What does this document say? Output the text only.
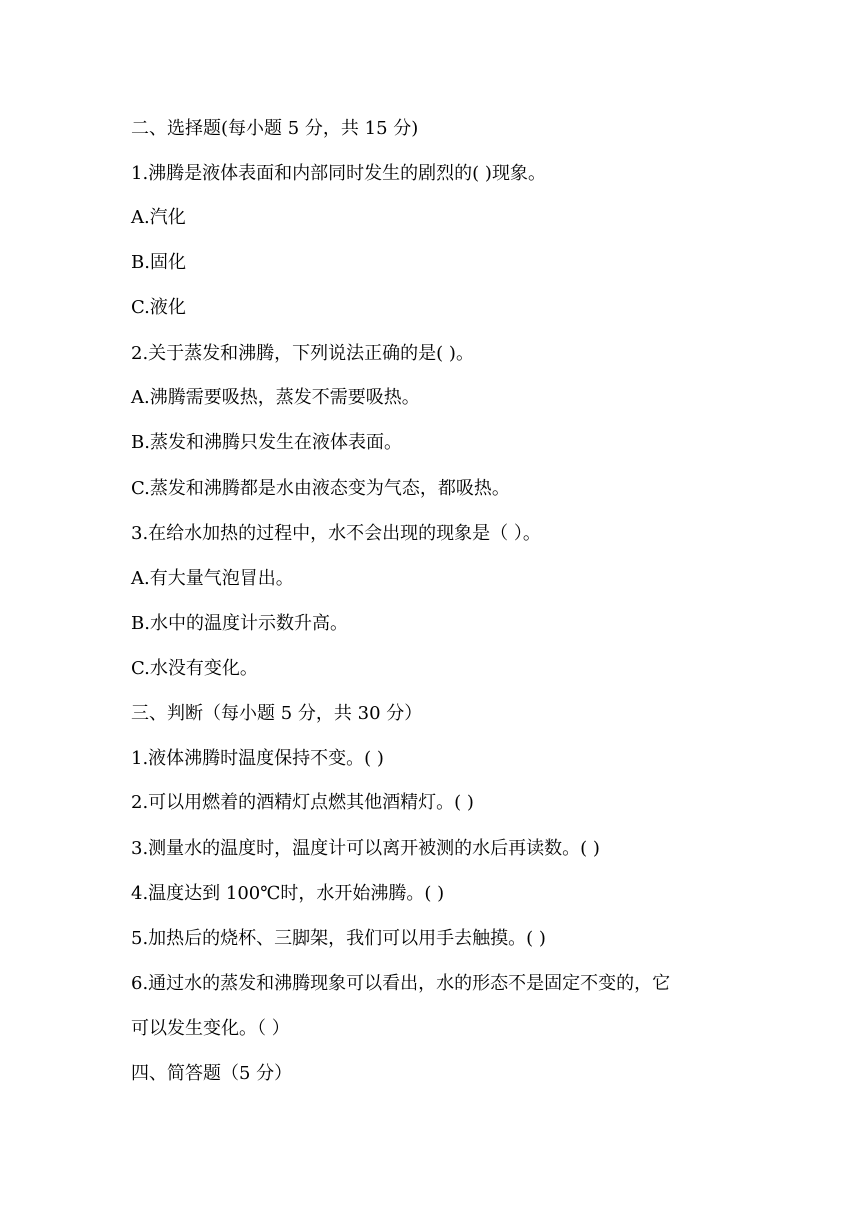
二、选择题(每小题 5 分，共 15 分)
1.沸腾是液体表面和内部同时发生的剧烈的( )现象。
A.汽化
B.固化
C.液化
2.关于蒸发和沸腾，下列说法正确的是( )。
A.沸腾需要吸热，蒸发不需要吸热。
B.蒸发和沸腾只发生在液体表面。
C.蒸发和沸腾都是水由液态变为气态，都吸热。
3.在给水加热的过程中，水不会出现的现象是（ ）。
A.有大量气泡冒出。
B.水中的温度计示数升高。
C.水没有变化。
三、判断（每小题 5 分，共 30 分）
1.液体沸腾时温度保持不变。( )
2.可以用燃着的酒精灯点燃其他酒精灯。( )
3.测量水的温度时，温度计可以离开被测的水后再读数。( )
4.温度达到 100℃时，水开始沸腾。( )
5.加热后的烧杯、三脚架，我们可以用手去触摸。( )
6.通过水的蒸发和沸腾现象可以看出，水的形态不是固定不变的，它
可以发生变化。（ ）
四、简答题（5 分）
